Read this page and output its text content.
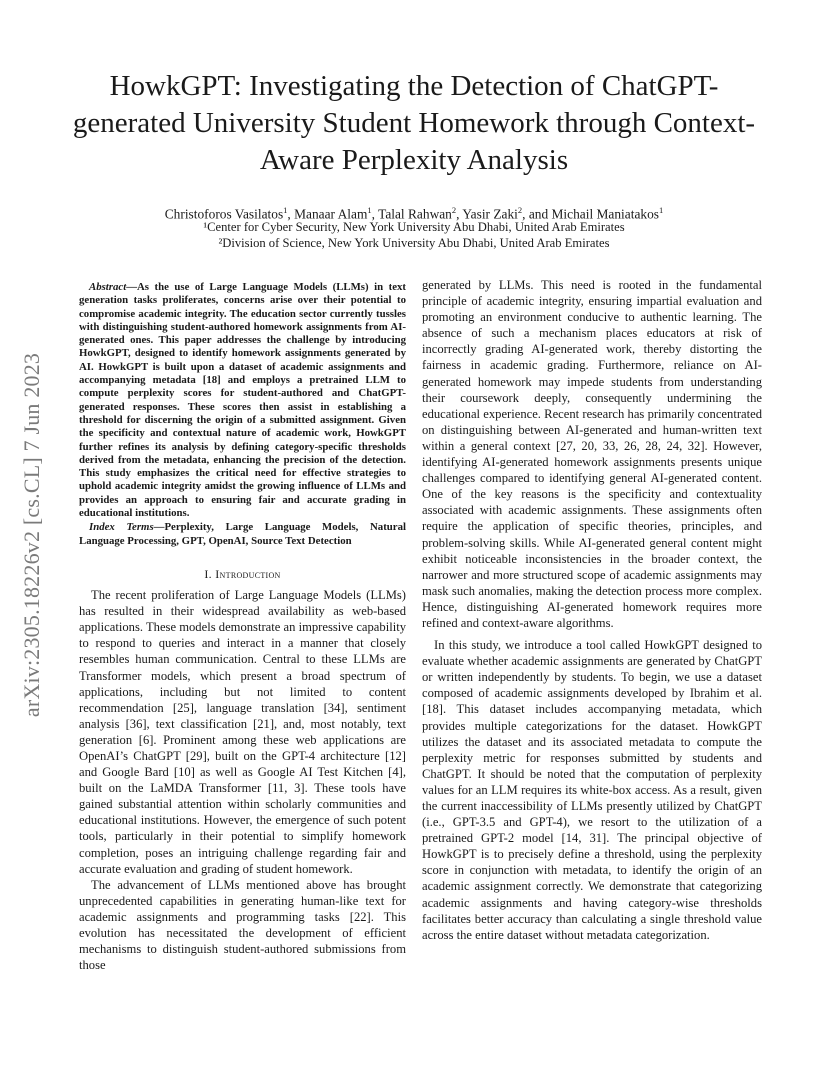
arXiv:2305.18226v2 [cs.CL] 7 Jun 2023
HowkGPT: Investigating the Detection of ChatGPT-generated University Student Homework through Context-Aware Perplexity Analysis
Christoforos Vasilatos$^1$, Manaar Alam$^1$, Talal Rahwan$^2$, Yasir Zaki$^2$, and Michail Maniatakos$^1$
¹Center for Cyber Security, New York University Abu Dhabi, United Arab Emirates
²Division of Science, New York University Abu Dhabi, United Arab Emirates

Abstract—As the use of Large Language Models (LLMs) in text generation tasks proliferates, concerns arise over their potential to compromise academic integrity. The education sector currently tussles with distinguishing student-authored homework assignments from AI-generated ones. This paper addresses the challenge by introducing HowkGPT, designed to identify homework assignments generated by AI. HowkGPT is built upon a dataset of academic assignments and accompanying metadata [18] and employs a pretrained LLM to compute perplexity scores for student-authored and ChatGPT-generated responses. These scores then assist in establishing a threshold for discerning the origin of a submitted assignment. Given the specificity and contextual nature of academic work, HowkGPT further refines its analysis by defining category-specific thresholds derived from the metadata, enhancing the precision of the detection. This study emphasizes the critical need for effective strategies to uphold academic integrity amidst the growing influence of LLMs and provides an approach to ensuring fair and accurate grading in educational institutions.

Index Terms—Perplexity, Large Language Models, Natural Language Processing, GPT, OpenAI, Source Text Detection

I. Introduction

The recent proliferation of Large Language Models (LLMs) has resulted in their widespread availability as web-based applications. These models demonstrate an impressive capability to respond to queries and interact in a manner that closely resembles human communication. Central to these LLMs are Transformer models, which present a broad spectrum of applications, including but not limited to content recommendation [25], language translation [34], sentiment analysis [36], text classification [21], and, most notably, text generation [6]. Prominent among these web applications are OpenAI’s ChatGPT [29], built on the GPT-4 architecture [12] and Google Bard [10] as well as Google AI Test Kitchen [4], built on the LaMDA Transformer [11, 3]. These tools have gained substantial attention within scholarly communities and educational institutions. However, the emergence of such potent tools, particularly in their potential to simplify homework completion, poses an intriguing challenge regarding fair and accurate evaluation and grading of student homework.

The advancement of LLMs mentioned above has brought unprecedented capabilities in generating human-like text for academic assignments and programming tasks [22]. This evolution has necessitated the development of efficient mechanisms to distinguish student-authored submissions from those

generated by LLMs. This need is rooted in the fundamental principle of academic integrity, ensuring impartial evaluation and promoting an environment conducive to authentic learning. The absence of such a mechanism places educators at risk of incorrectly grading AI-generated work, thereby distorting the fairness in academic grading. Furthermore, reliance on AI-generated homework may impede students from understanding their coursework deeply, consequently undermining the educational experience. Recent research has primarily concentrated on distinguishing between AI-generated and human-written text within a general context [27, 20, 33, 26, 28, 24, 32]. However, identifying AI-generated homework assignments presents unique challenges compared to identifying general AI-generated content. One of the key reasons is the specificity and contextuality associated with academic assignments. These assignments often require the application of specific theories, principles, and problem-solving skills. While AI-generated general content might exhibit noticeable inconsistencies in the broader context, the narrower and more structured scope of academic assignments may mask such anomalies, making the detection process more complex. Hence, distinguishing AI-generated homework requires more refined and context-aware algorithms.

In this study, we introduce a tool called HowkGPT designed to evaluate whether academic assignments are generated by ChatGPT or written independently by students. To begin, we use a dataset composed of academic assignments developed by Ibrahim et al. [18]. This dataset includes accompanying metadata, which provides multiple categorizations for the dataset. HowkGPT utilizes the dataset and its associated metadata to compute the perplexity metric for responses submitted by students and ChatGPT. It should be noted that the computation of perplexity values for an LLM requires its white-box access. As a result, given the current inaccessibility of LLMs presently utilized by ChatGPT (i.e., GPT-3.5 and GPT-4), we resort to the utilization of a pretrained GPT-2 model [14, 31]. The principal objective of HowkGPT is to precisely define a threshold, using the perplexity score in conjunction with metadata, to identify the origin of an academic assignment correctly. We demonstrate that categorizing academic assignments and having category-wise thresholds facilitates better accuracy than calculating a single threshold value across the entire dataset without metadata categorization.
